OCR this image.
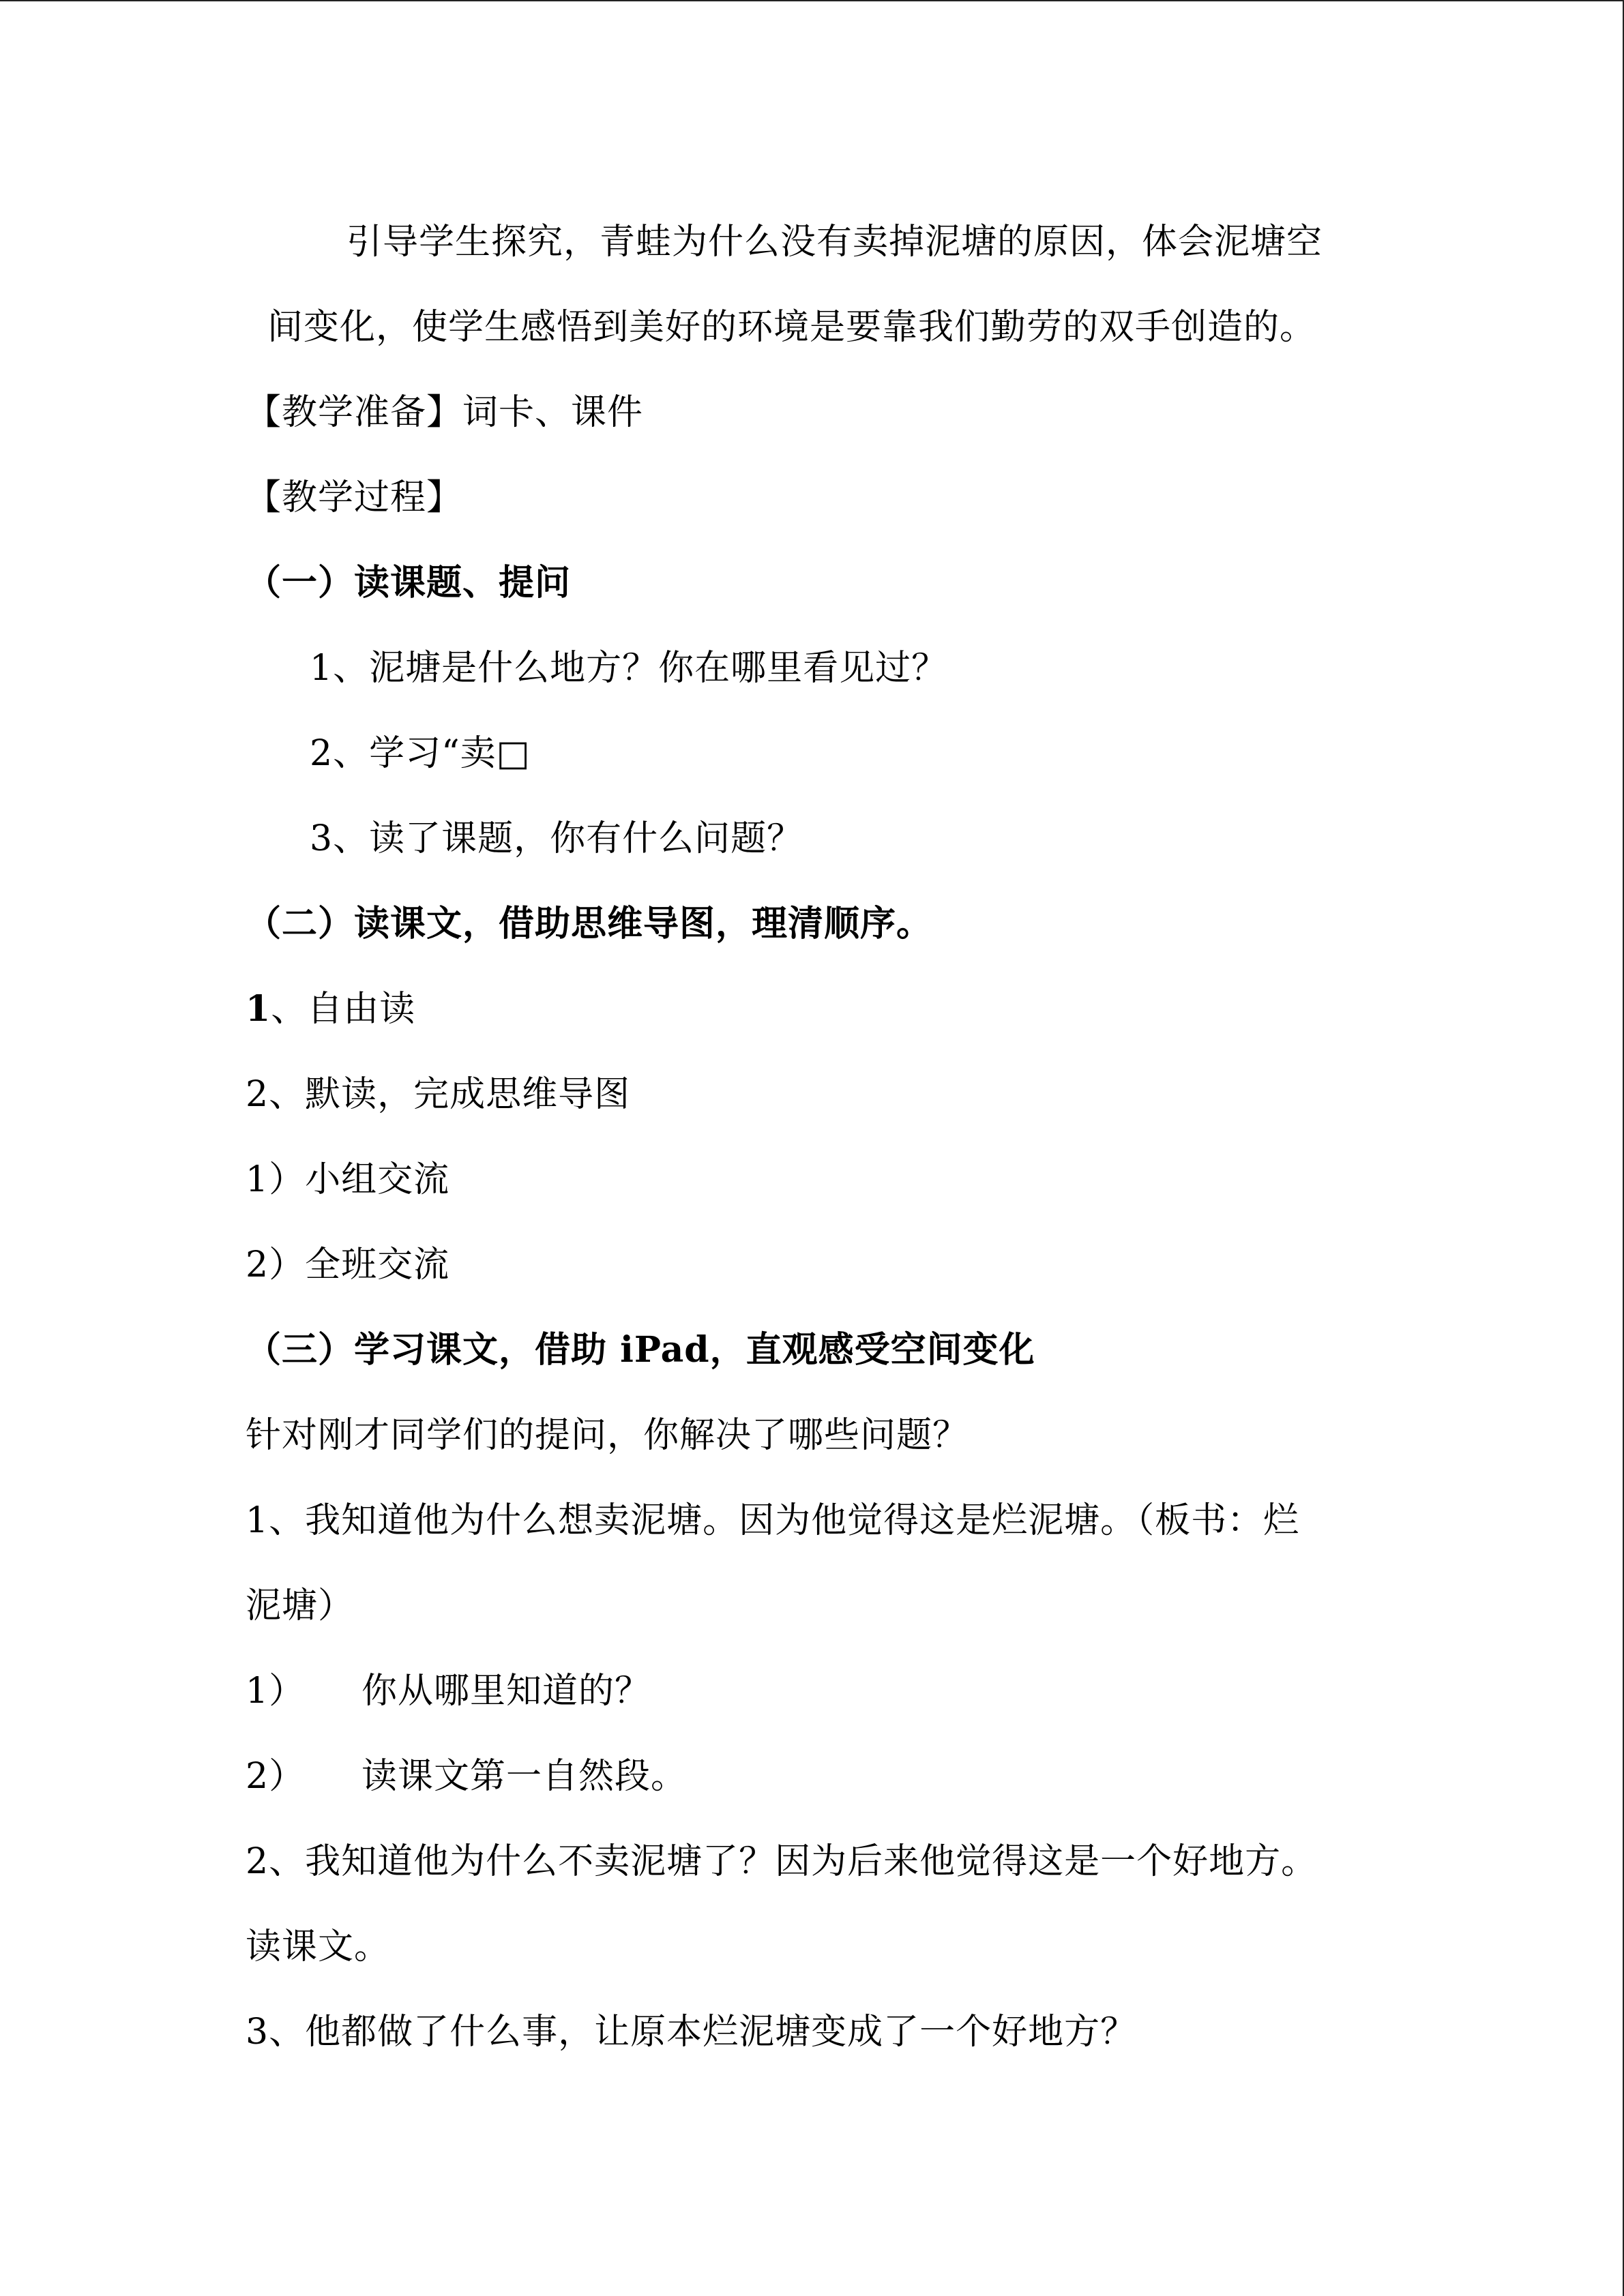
引导学生探究，青蛙为什么没有卖掉泥塘的原因，体会泥塘空
间变化，使学生感悟到美好的环境是要靠我们勤劳的双手创造的。
【教学准备】词卡、课件
【教学过程】
（一）读课题、提问
1、泥塘是什么地方？你在哪里看见过？
2、学习“卖□
3、读了课题，你有什么问题？
（二）读课文，借助思维导图，理清顺序。
1、自由读
2、默读，完成思维导图
1）小组交流
2）全班交流
（三）学习课文，借助 iPad，直观感受空间变化
针对刚才同学们的提问，你解决了哪些问题？
1、我知道他为什么想卖泥塘。因为他觉得这是烂泥塘。（板书：烂
泥塘）
1） 你从哪里知道的？
2） 读课文第一自然段。
2、我知道他为什么不卖泥塘了？因为后来他觉得这是一个好地方。
读课文。
3、他都做了什么事，让原本烂泥塘变成了一个好地方？
